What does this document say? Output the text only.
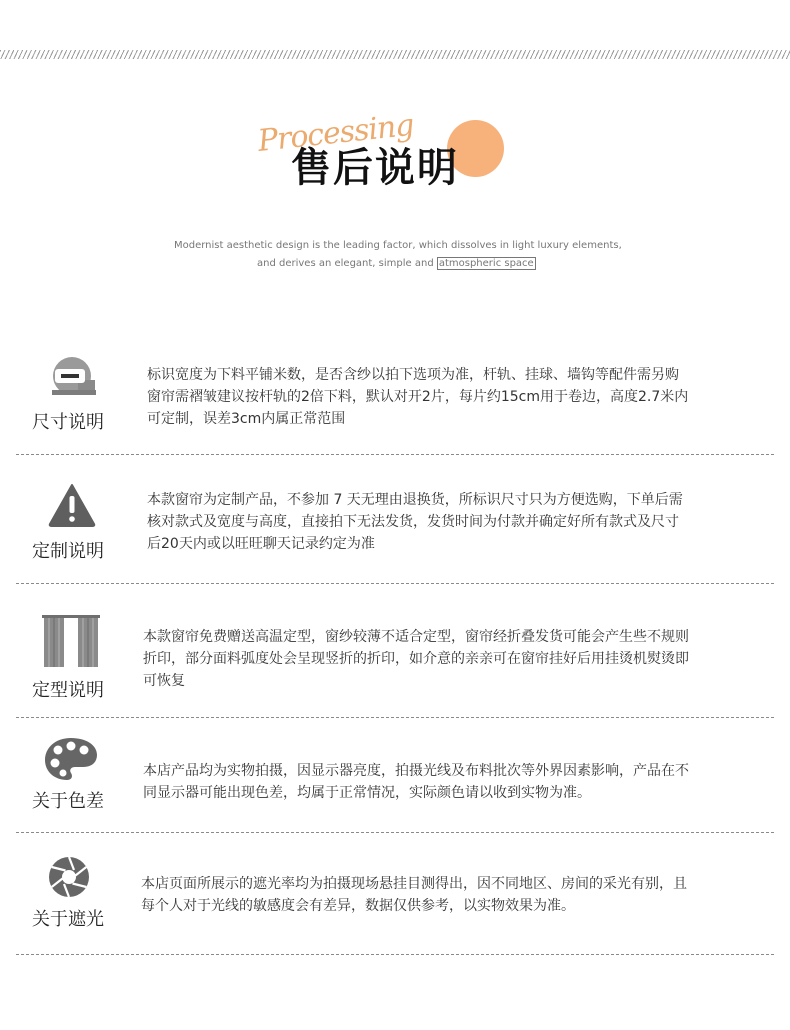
Processing
售后说明
Modernist aesthetic design is the leading factor, which dissolves in light luxury elements,
and derives an elegant, simple and atmospheric space
尺寸说明
标识宽度为下料平铺米数，是否含纱以拍下选项为准，杆轨、挂球、墙钩等配件需另购
窗帘需褶皱建议按杆轨的2倍下料，默认对开2片，每片约15cm用于卷边，高度2.7米内
可定制，误差3cm内属正常范围
定制说明
本款窗帘为定制产品，不参加 7 天无理由退换货，所标识尺寸只为方便选购，下单后需
核对款式及宽度与高度，直接拍下无法发货，发货时间为付款并确定好所有款式及尺寸
后20天内或以旺旺聊天记录约定为准
定型说明
本款窗帘免费赠送高温定型，窗纱较薄不适合定型，窗帘经折叠发货可能会产生些不规则
折印，部分面料弧度处会呈现竖折的折印，如介意的亲亲可在窗帘挂好后用挂烫机熨烫即
可恢复
关于色差
本店产品均为实物拍摄，因显示器亮度，拍摄光线及布料批次等外界因素影响，产品在不
同显示器可能出现色差，均属于正常情况，实际颜色请以收到实物为准。
关于遮光
本店页面所展示的遮光率均为拍摄现场悬挂目测得出，因不同地区、房间的采光有别，且
每个人对于光线的敏感度会有差异，数据仅供参考，以实物效果为准。
